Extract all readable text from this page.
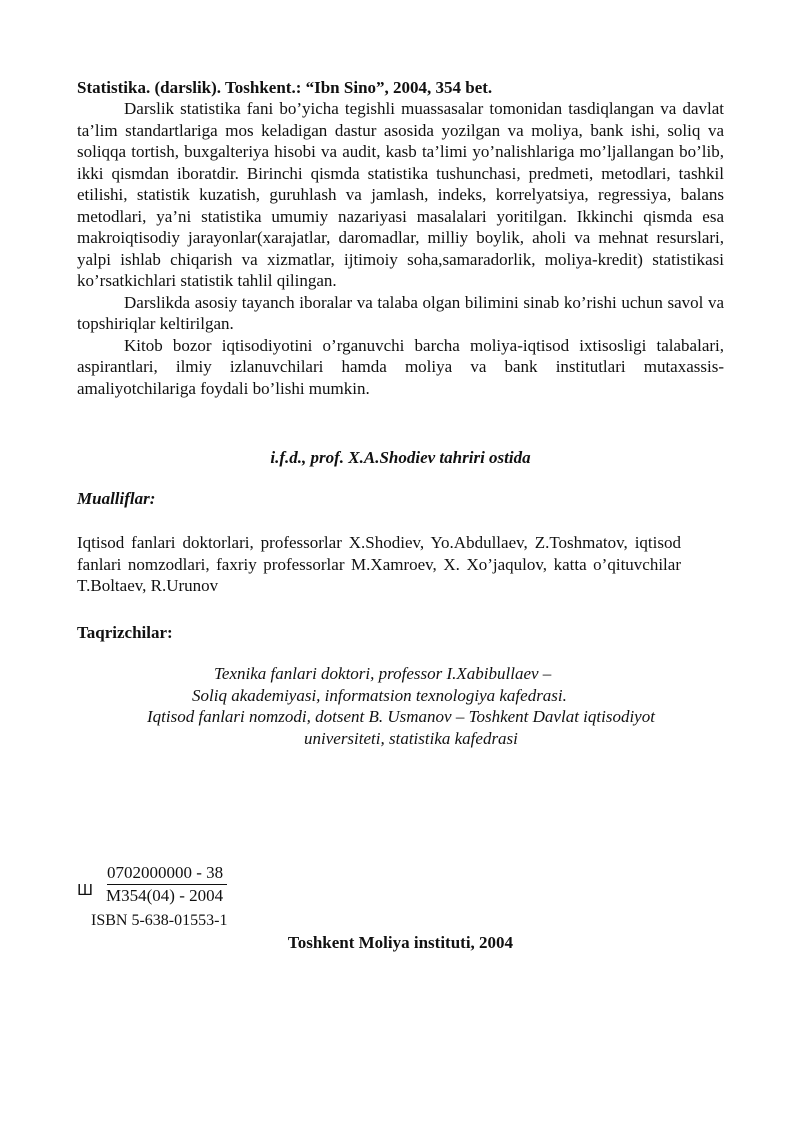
Statistika. (darslik). Toshkent.: “Ibn Sino”, 2004, 354 bet.

Darslik statistika fani bo’yicha tegishli muassasalar tomonidan tasdiqlangan va davlat ta’lim standartlariga mos keladigan dastur asosida yozilgan va moliya, bank ishi, soliq va soliqqa tortish, buxgalteriya hisobi va audit, kasb ta’limi yo’nalishlariga mo’ljallangan bo’lib, ikki qismdan iboratdir. Birinchi qismda statistika tushunchasi, predmeti, metodlari, tashkil etilishi, statistik kuzatish, guruhlash va jamlash, indeks, korrelyatsiya, regressiya, balans metodlari, ya’ni statistika umumiy nazariyasi masalalari yoritilgan. Ikkinchi qismda esa makroiqtisodiy jarayonlar(xarajatlar, daromadlar, milliy boylik, aholi va mehnat resurslari, yalpi ishlab chiqarish va xizmatlar, ijtimoiy soha,samaradorlik, moliya-kredit) statistikasi ko’rsatkichlari statistik tahlil qilingan.

Darslikda asosiy tayanch iboralar va talaba olgan bilimini sinab ko’rishi uchun savol va topshiriqlar keltirilgan.

Kitob bozor iqtisodiyotini o’rganuvchi barcha moliya-iqtisod ixtisosligi talabalari, aspirantlari, ilmiy izlanuvchilari hamda moliya va bank institutlari mutaxassis-amaliyotchilariga foydali bo’lishi mumkin.

i.f.d., prof. X.A.Shodiev tahriri ostida
Mualliflar:
Iqtisod fanlari doktorlari, professorlar X.Shodiev, Yo.Abdullaev, Z.Toshmatov, iqtisod fanlari nomzodlari, faxriy professorlar M.Xamroev, X. Xo’jaqulov, katta o’qituvchilar T.Boltaev, R.Urunov
Taqrizchilar:
Texnika fanlari doktori, professor I.Xabibullaev –
Soliq akademiyasi, informatsion texnologiya kafedrasi.
Iqtisod fanlari nomzodi, dotsent B. Usmanov – Toshkent Davlat iqtisodiyot
universiteti, statistika kafedrasi
Ш
0702000000 - 38
M354(04) - 2004
ISBN 5-638-01553-1
Toshkent Moliya instituti, 2004
